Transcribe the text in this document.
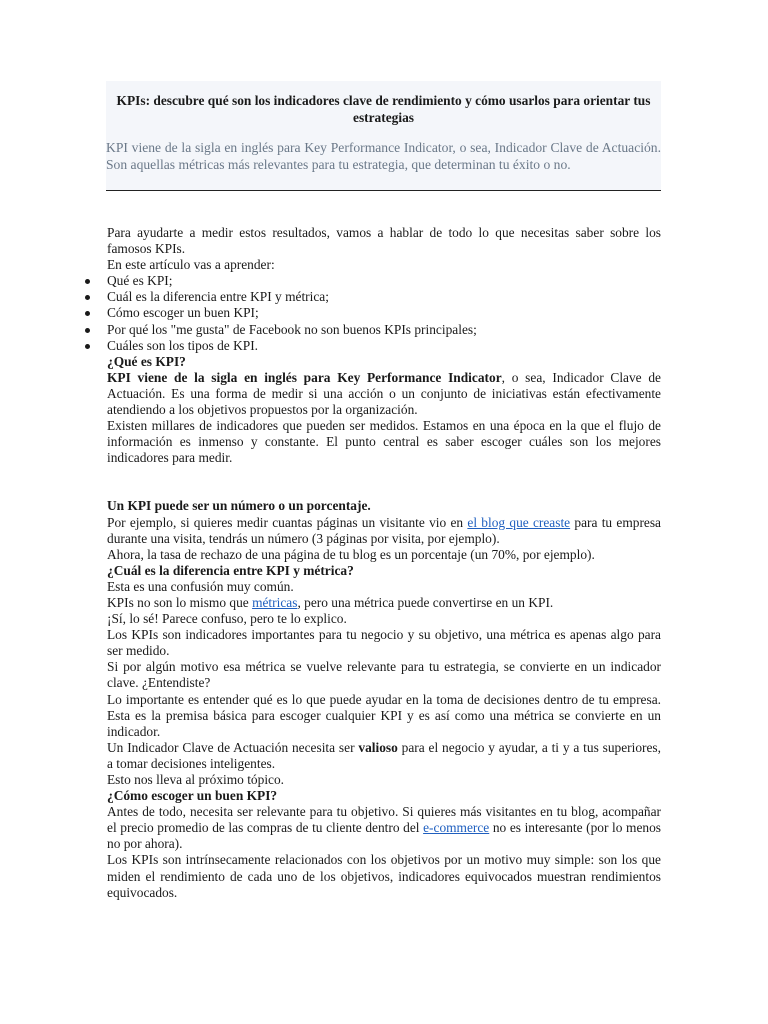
KPIs: descubre qué son los indicadores clave de rendimiento y cómo usarlos para orientar tus estrategias
KPI viene de la sigla en inglés para Key Performance Indicator, o sea, Indicador Clave de Actuación. Son aquellas métricas más relevantes para tu estrategia, que determinan tu éxito o no.

Para ayudarte a medir estos resultados, vamos a hablar de todo lo que necesitas saber sobre los famosos KPIs.

En este artículo vas a aprender:

Qué es KPI;
Cuál es la diferencia entre KPI y métrica;
Cómo escoger un buen KPI;
Por qué los "me gusta" de Facebook no son buenos KPIs principales;
Cuáles son los tipos de KPI.

¿Qué es KPI?

KPI viene de la sigla en inglés para Key Performance Indicator, o sea, Indicador Clave de Actuación. Es una forma de medir si una acción o un conjunto de iniciativas están efectivamente atendiendo a los objetivos propuestos por la organización.

Existen millares de indicadores que pueden ser medidos. Estamos en una época en la que el flujo de información es inmenso y constante. El punto central es saber escoger cuáles son los mejores indicadores para medir.

Un KPI puede ser un número o un porcentaje.

Por ejemplo, si quieres medir cuantas páginas un visitante vio en el blog que creaste para tu empresa durante una visita, tendrás un número (3 páginas por visita, por ejemplo).

Ahora, la tasa de rechazo de una página de tu blog es un porcentaje (un 70%, por ejemplo).

¿Cuál es la diferencia entre KPI y métrica?

Esta es una confusión muy común.

KPIs no son lo mismo que métricas, pero una métrica puede convertirse en un KPI.

¡Sí, lo sé! Parece confuso, pero te lo explico.

Los KPIs son indicadores importantes para tu negocio y su objetivo, una métrica es apenas algo para ser medido.

Si por algún motivo esa métrica se vuelve relevante para tu estrategia, se convierte en un indicador clave. ¿Entendiste?

Lo importante es entender qué es lo que puede ayudar en la toma de decisiones dentro de tu empresa. Esta es la premisa básica para escoger cualquier KPI y es así como una métrica se convierte en un indicador.

Un Indicador Clave de Actuación necesita ser valioso para el negocio y ayudar, a ti y a tus superiores, a tomar decisiones inteligentes.

Esto nos lleva al próximo tópico.

¿Cómo escoger un buen KPI?

Antes de todo, necesita ser relevante para tu objetivo. Si quieres más visitantes en tu blog, acompañar el precio promedio de las compras de tu cliente dentro del e-commerce no es interesante (por lo menos no por ahora).

Los KPIs son intrínsecamente relacionados con los objetivos por un motivo muy simple: son los que miden el rendimiento de cada uno de los objetivos, indicadores equivocados muestran rendimientos equivocados.
